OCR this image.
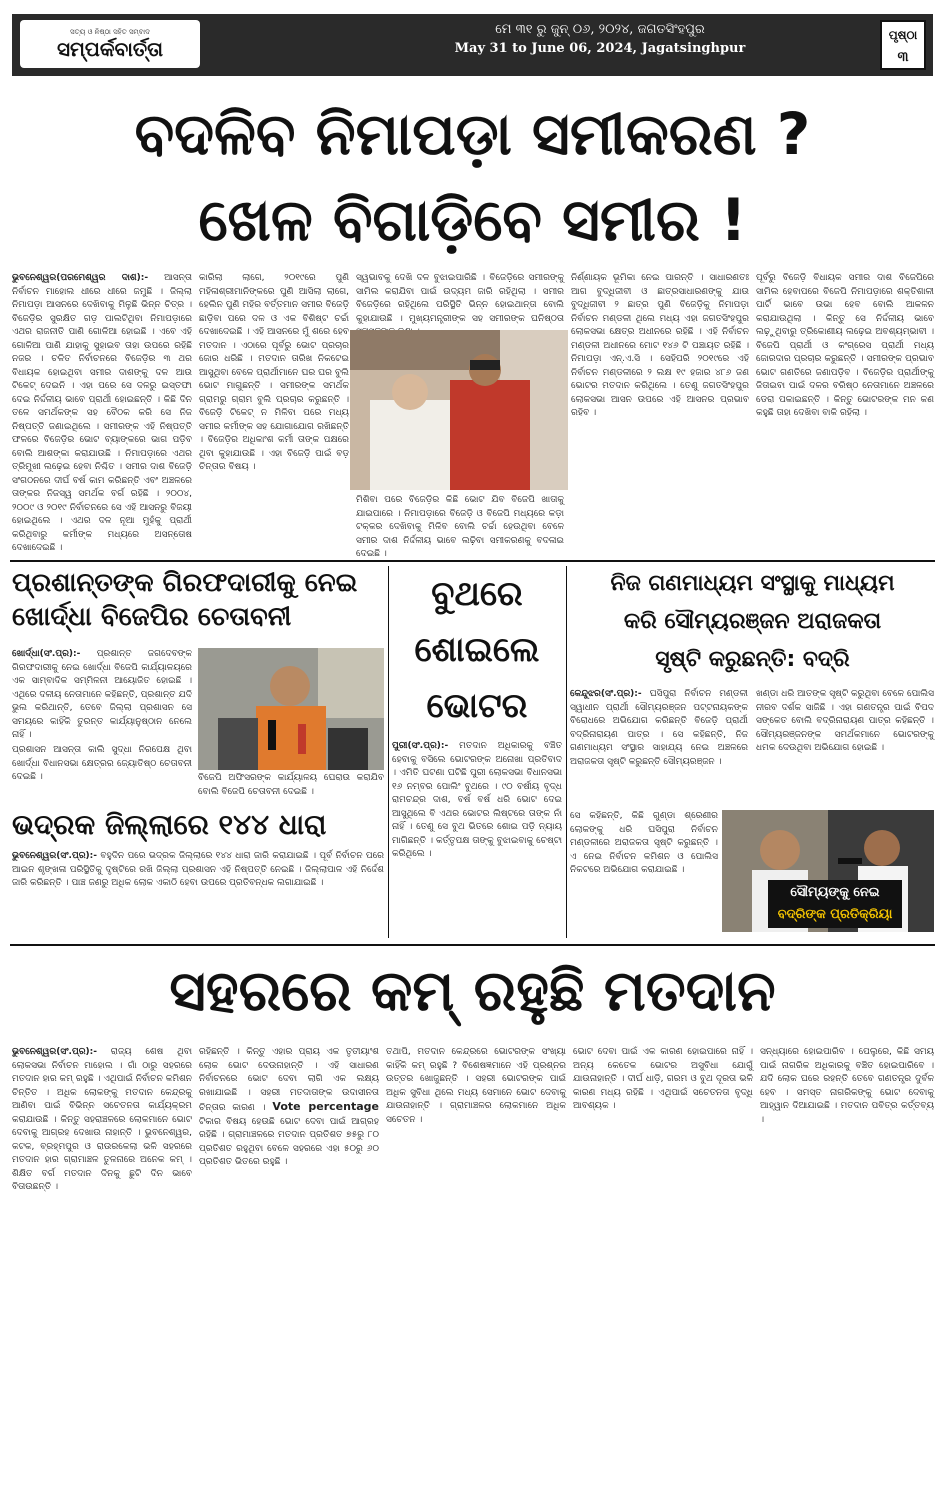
ସତ୍ୟ ଓ ନିଷ୍ଠା ସହିତ ସମ୍ବାଦ
ସମ୍ପର୍କବାର୍ତ୍ତା
ମେ ୩୧ ରୁ ଜୁନ୍ ୦୬, ୨୦୨୪, ଜଗତସିଂହପୁର
May 31 to June 06, 2024, Jagatsinghpur
ପୃଷ୍ଠା
୩
ବଦଳିବ ନିମାପଡ଼ା ସମୀକରଣ ?
ଖେଳ ବିଗାଡ଼ିବେ ସମୀର !
ଭୁବନେଶ୍ୱର(ପରମେଶ୍ୱର ଦାଶ):- ଆସନ୍ତା ନିର୍ବାଚନ ମାହୋଲ ଧୀରେ ଧୀରେ ଜମୁଛି । ଜିଲ୍ଲା ନିମାପଡ଼ା ଆସନରେ ଦେଖିବାକୁ ମିଳୁଛି ଭିନ୍ନ ଚିତ୍ର । ବିଜେଡ଼ିର ସୁରକ୍ଷିତ ଗଡ଼ ପାଲଟିଥିବା ନିମାପଡ଼ାରେ ଏଥର ରାଜନୀତି ପାଣି ଗୋଳିଆ ହୋଇଛି । ଏବେ ଏହି ଗୋଳିଆ ପାଣି ଯାହାକୁ ସୁହାଇବ ତାହା ଉପରେ ରହିଛି ନଜର । ଚଳିତ ନିର୍ବାଚନରେ ବିଜେଡ଼ିର ୩ ଥର ବିଧାୟକ ହୋଇଥିବା ସମୀର ଦାଶଙ୍କୁ ଦଳ ଆଉ ଟିକେଟ୍ ଦେଇନି । ଏହା ପରେ ସେ ଦଳରୁ ଇସ୍ତଫା ଦେଇ ନିର୍ଦ୍ଦଳୀୟ ଭାବେ ପ୍ରାର୍ଥୀ ହୋଇଛନ୍ତି । କିଛି ଦିନ ତଳେ ସମର୍ଥକଙ୍କ ସହ ବୈଠକ କରି ସେ ନିଜ ନିଷ୍ପତ୍ତି ଜଣାଇଥିଲେ । ସମୀରଙ୍କ ଏହି ନିଷ୍ପତ୍ତି ଫଳରେ ବିଜେଡ଼ିର ଭୋଟ ବ୍ୟାଙ୍କରେ ଭାଗ ପଡ଼ିବ ବୋଲି ଆଶଙ୍କା କରାଯାଉଛି । ନିମାପଡ଼ାରେ ଏଥର ତ୍ରିମୁଖୀ ଲଢ଼େଇ ହେବା ନିଶ୍ଚିତ । ସମୀର ଦାଶ ବିଜେଡ଼ି ସଂଗଠନରେ ଦୀର୍ଘ ବର୍ଷ କାମ କରିଛନ୍ତି ଏବଂ ଅଞ୍ଚଳରେ ତାଙ୍କର ନିଜସ୍ୱ ସମର୍ଥକ ବର୍ଗ ରହିଛି । ୨୦୦୪, ୨୦୦୯ ଓ ୨୦୧୯ ନିର୍ବାଚନରେ ସେ ଏହି ଆସନରୁ ବିଜୟୀ ହୋଇଥିଲେ । ଏଥର ଦଳ ନୂଆ ମୁହଁକୁ ପ୍ରାର୍ଥୀ କରିଥିବାରୁ କର୍ମୀଙ୍କ ମଧ୍ୟରେ ଅସନ୍ତୋଷ ଦେଖାଦେଇଛି ।
କାରିଲା ଲାଗେ, ୨୦୧୯ରେ ପୁଣି ମହିଳାଶ୍ରୀମାନିଙ୍କରେ ପୁଣି ଆସିଲା ଲାଗେ, ହେଲିନ ପୁଣି ମହିର ବର୍ତ୍ତମାନ ସମୀର ବିଜେଡ଼ି ଛାଡ଼ିବା ପରେ ଦଳ ଓ ଏକ ବିଶିଷ୍ଟ ଚର୍ଚ୍ଚା ଦେଖାଦେଇଛି । ଏହି ଆସନରେ ମୁଁ ଶରେ ହେବ ମତଦାନ । ଏଠାରେ ପୂର୍ବରୁ ଭୋଟ ପ୍ରଚାର ଜୋର ଧରିଛି । ମତଦାନ ତାରିଖ ନିକଟେଇ ଆସୁଥିବା ବେଳେ ପ୍ରାର୍ଥୀମାନେ ଘର ଘର ବୁଲି ଭୋଟ ମାଗୁଛନ୍ତି । ସମୀରଙ୍କ ସମର୍ଥକ ଗ୍ରାମରୁ ଗ୍ରାମ ବୁଲି ପ୍ରଚାର କରୁଛନ୍ତି । ବିଜେଡ଼ି ଟିକେଟ୍ ନ ମିଳିବା ପରେ ମଧ୍ୟ ସମୀର କର୍ମୀଙ୍କ ସହ ଯୋଗାଯୋଗ ରଖିଛନ୍ତି । ବିଜେଡ଼ିର ଅଧିକାଂଶ କର୍ମୀ ତାଙ୍କ ପକ୍ଷରେ ଥିବା କୁହାଯାଉଛି । ଏହା ବିଜେଡ଼ି ପାଇଁ ବଡ଼ ଚିନ୍ତାର ବିଷୟ ।
ସ୍ୱଭାବକୁ ଦେଖି ଦଳ ବୁଝାଇପାରିଛି । ବିଜେଡ଼ିରେ ସମୀରଙ୍କୁ ସାମିଲ କରାଯିବା ପାଇଁ ଉଦ୍ୟମ ଜାରି ରହିଥିଲା । ସମୀର ବିଜେଡ଼ିରେ ରହିଥିଲେ ପରିସ୍ଥିତି ଭିନ୍ନ ହୋଇଥାନ୍ତା ବୋଲି କୁହାଯାଉଛି । ମୁଖ୍ୟମନ୍ତ୍ରୀଙ୍କ ସହ ସମୀରଙ୍କ ଘନିଷ୍ଠତା
ମିଶିବା ପରେ ବିଜେଡ଼ିର କିଛି ଭୋଟ ଯିବ ବିଜେପି ଖାତାକୁ ଯାଇପାରେ । ନିମାପଡ଼ାରେ ବିଜେଡ଼ି ଓ ବିଜେପି ମଧ୍ୟରେ କଡ଼ା ଟକ୍କର ଦେଖିବାକୁ ମିଳିବ ବୋଲି ଚର୍ଚ୍ଚା ହେଉଥିବା ବେଳେ ସମୀର ଦାଶ ନିର୍ଦ୍ଦଳୀୟ ଭାବେ ଲଢ଼ିବା ସମୀକରଣକୁ ବଦଳାଇ ଦେଇଛି ।
ନିର୍ଣ୍ଣାୟକ ଭୂମିକା ନେଇ ପାରନ୍ତି । ସାଧାରଣତଃ ଆଗ ବୁଦ୍ଧିଜୀବୀ ଓ ଛାତ୍ରସାଧାରଣଙ୍କୁ ଯାଉ ବୁଦ୍ଧିଜୀବୀ ୨ ଛାତ୍ର ପୁଣି ବିଜେଡ଼ିକୁ ନିମାପଡ଼ା ନିର୍ବାଚନ ମଣ୍ଡଳୀ ଥିଲେ ମଧ୍ୟ ଏହା ଜଗତସିଂହପୁର ଲୋକସଭା କ୍ଷେତ୍ର ଅଧୀନରେ ରହିଛି । ଏହି ନିର୍ବାଚନ ମଣ୍ଡଳୀ ଅଧୀନରେ ମୋଟ ୧୪୬ ଟି ପଞ୍ଚାୟତ ରହିଛି । ନିମାପଡ଼ା ଏନ୍.ଏ.ସି । ସେହିପରି ୨୦୧୯ରେ ଏହି ନିର୍ବାଚନ ମଣ୍ଡଳୀରେ ୨ ଲକ୍ଷ ୧୯ ହଜାର ୪୮୬ ଜଣ ଭୋଟର ମତଦାନ କରିଥିଲେ । ତେଣୁ ଜଗତସିଂହପୁର ଲୋକସଭା ଆସନ ଉପରେ ଏହି ଆସନର ପ୍ରଭାବ ରହିବ ।
ପୂର୍ବରୁ ବିଜେଡ଼ି ବିଧାୟକ ସମୀର ଦାଶ ବିଜେପିରେ ସାମିଲ ହେବାପରେ ବିଜେପି ନିମାପଡ଼ାରେ ଶକ୍ତିଶାଳୀ ପାର୍ଟି ଭାବେ ଉଭା ହେବ ବୋଲି ଆକଳନ କରାଯାଉଥିଲା । କିନ୍ତୁ ସେ ନିର୍ଦ୍ଦଳୀୟ ଭାବେ ଲଢ଼ୁଥିବାରୁ ତ୍ରିକୋଣୀୟ ଲଢ଼େଇ ଅବଶ୍ୟମ୍ଭାବୀ । ବିଜେପି ପ୍ରାର୍ଥୀ ଓ କଂଗ୍ରେସ ପ୍ରାର୍ଥୀ ମଧ୍ୟ ଜୋରଦାର ପ୍ରଚାର କରୁଛନ୍ତି । ସମୀରଙ୍କ ପ୍ରଭାବ ଭୋଟ ଗଣତିରେ ଜଣାପଡ଼ିବ । ବିଜେଡ଼ିର ପ୍ରାର୍ଥୀଙ୍କୁ ଜିତାଇବା ପାଇଁ ଦଳର ବରିଷ୍ଠ ନେତାମାନେ ଅଞ୍ଚଳରେ ଡେରା ପକାଇଛନ୍ତି । କିନ୍ତୁ ଭୋଟରଙ୍କ ମନ କଣ କହୁଛି ତାହା ଦେଖିବା ବାକି ରହିଲା ।
ପ୍ରଶାନ୍ତଙ୍କ ଗିରଫଦାରୀକୁ ନେଇ ଖୋର୍ଦ୍ଧା ବିଜେପିର ଚେତାବନୀ
ଖୋର୍ଦ୍ଧା(ସଂ.ପ୍ର):- ପ୍ରଶାନ୍ତ ଜଗଦେବଙ୍କ ଗିରଫଦାରୀକୁ ନେଇ ଖୋର୍ଦ୍ଧା ବିଜେପି କାର୍ଯ୍ୟାଳୟରେ ଏକ ସାମ୍ବାଦିକ ସମ୍ମିଳନୀ ଆୟୋଜିତ ହୋଇଛି । ଏଥିରେ ଦଳୀୟ ନେତାମାନେ କହିଛନ୍ତି, ପ୍ରଶାନ୍ତ ଯଦି ଭୁଲ କରିଥାନ୍ତି, ତେବେ ଜିଲ୍ଲା ପ୍ରଶାସନ ସେ ସମୟରେ କାହିଁକି ତୁରନ୍ତ କାର୍ଯ୍ୟାନୁଷ୍ଠାନ ନେଲେ ନାହିଁ ।
ପ୍ରଶାସନ ଆସନ୍ତା କାଲି ସୁଦ୍ଧା ନିରପେକ୍ଷ ଥିବା ଖୋର୍ଦ୍ଧା ବିଧାନସଭା କ୍ଷେତ୍ରର ଜ୍ୟୋତିଷ୍ଠ ଚେତାବନୀ ଦେଇଛି ।	ବିଜେପି ଅଫିସରଙ୍କ କାର୍ଯ୍ୟାଳୟ ଘେରାଉ କରାଯିବ ବୋଲି ବିଜେପି ଚେତାବନୀ ଦେଇଛି ।
ଭଦ୍ରକ ଜିଲ୍ଲାରେ ୧୪୪ ଧାରା
ଭୁବନେଶ୍ୱର(ସଂ.ପ୍ର):- ବହୁଦିନ ପରେ ଭଦ୍ରକ ଜିଲ୍ଲାରେ ୧୪୪ ଧାରା ଜାରି କରାଯାଇଛି । ପୂର୍ବ ନିର୍ବାଚନ ପରେ ଆଇନ ଶୃଙ୍ଖଳା ପରିସ୍ଥିତିକୁ ଦୃଷ୍ଟିରେ ରଖି ଜିଲ୍ଲା ପ୍ରଶାସନ ଏହି ନିଷ୍ପତ୍ତି ନେଇଛି । ଜିଲ୍ଲାପାଳ ଏହି ନିର୍ଦ୍ଦେଶ ଜାରି କରିଛନ୍ତି । ପାଞ୍ଚ ଜଣରୁ ଅଧିକ ଲୋକ ଏକାଠି ହେବା ଉପରେ ପ୍ରତିବନ୍ଧକ ଲଗାଯାଇଛି ।
ବୁଥରେ ଶୋଇଲେ ଭୋଟର
ପୁରୀ(ସଂ.ପ୍ର):- ମତଦାନ ଅଧିକାରକୁ ବଞ୍ଚିତ ହେବାକୁ ବସିଲେ ଭୋଟରଙ୍କ ଅନୋଖା ପ୍ରତିବାଦ । ଏମିତି ଘଟଣା ଘଟିଛି ପୁରୀ ଲୋକସଭା ବିଧାନସଭା ୧୬ ନମ୍ବର ପୋଲିଂ ବୁଥରେ । ୯୦ ବର୍ଷୀୟ ବୃଦ୍ଧ ରାମଚନ୍ଦ୍ର ଦାଶ, ବର୍ଷ ବର୍ଷ ଧରି ଭୋଟ ଦେଇ ଆସୁଥିଲେ ବି ଏଥର ଭୋଟର ଲିଷ୍ଟରେ ତାଙ୍କ ନାଁ ନାହିଁ । ତେଣୁ ସେ ବୁଥ ଭିତରେ ଶୋଇ ପଡ଼ି ନ୍ୟାୟ ମାଗିଛନ୍ତି । କର୍ତ୍ତୃପକ୍ଷ ତାଙ୍କୁ ବୁଝାଇବାକୁ ଚେଷ୍ଟା କରିଥିଲେ ।
ନିଜ ଗଣମାଧ୍ୟମ ସଂସ୍ଥାକୁ ମାଧ୍ୟମ
କରି ସୌମ୍ୟରଞ୍ଜନ ଅରାଜକତା
ସୃଷ୍ଟି କରୁଛନ୍ତି: ବଦ୍ରି
କେନ୍ଦୁଝର(ସଂ.ପ୍ର):- ଘସିପୁରା ନିର୍ବାଚନ ମଣ୍ଡଳୀ ସ୍ୱାଧୀନ ପ୍ରାର୍ଥୀ ସୌମ୍ୟରଞ୍ଜନ ପଟ୍ଟନାୟକଙ୍କ ବିରୋଧରେ ଅଭିଯୋଗ କରିଛନ୍ତି ବିଜେଡ଼ି ପ୍ରାର୍ଥୀ ବଦ୍ରିନାରାୟଣ ପାତ୍ର । ସେ କହିଛନ୍ତି, ନିଜ ଗଣମାଧ୍ୟମ ସଂସ୍ଥାର ସାହାଯ୍ୟ ନେଇ ଅଞ୍ଚଳରେ ଅରାଜକତା ସୃଷ୍ଟି କରୁଛନ୍ତି ସୌମ୍ୟରଞ୍ଜନ ।
ଖଣ୍ଡା ଧରି ଆତଙ୍କ ସୃଷ୍ଟି କରୁଥିବା ବେଳେ ପୋଲିସ ନୀରବ ଦର୍ଶକ ସାଜିଛି । ଏହା ଗଣତନ୍ତ୍ର ପାଇଁ ବିପଦ ସଙ୍କେତ ବୋଲି ବଦ୍ରିନାରାୟଣ ପାତ୍ର କହିଛନ୍ତି । ସୌମ୍ୟରଞ୍ଜନଙ୍କ ସମର୍ଥକମାନେ ଭୋଟରଙ୍କୁ ଧମକ ଦେଉଥିବା ଅଭିଯୋଗ ହୋଇଛି ।
ସେ କହିଛନ୍ତି, କିଛି ଗୁଣ୍ଡା ଶ୍ରେଣୀର ଲୋକଙ୍କୁ ଧରି ଘସିପୁରା ନିର୍ବାଚନ ମଣ୍ଡଳୀରେ ଅରାଜକତା ସୃଷ୍ଟି କରୁଛନ୍ତି । ଏ ନେଇ ନିର୍ବାଚନ କମିଶନ ଓ ପୋଲିସ ନିକଟରେ ଅଭିଯୋଗ କରାଯାଇଛି ।
ସୌମ୍ୟଙ୍କୁ ନେଇ
ବଦ୍ରିଙ୍କ ପ୍ରତିକ୍ରିୟା
ସହରରେ କମ୍ ରହୁଛି ମତଦାନ
ଭୁବନେଶ୍ୱର(ସଂ.ପ୍ର):- ରାଜ୍ୟ ଶେଷ ଥିବା ଲୋକସଭା ନିର୍ବାଚନ ମାହୋଲ । ଗାଁ ଠାରୁ ସହରରେ ମତଦାନ ହାର କମ୍ ରହୁଛି । ଏଥିପାଇଁ ନିର୍ବାଚନ କମିଶନ ଚିନ୍ତିତ । ଅଧିକ ଲୋକଙ୍କୁ ମତଦାନ କେନ୍ଦ୍ରକୁ ଆଣିବା ପାଇଁ ବିଭିନ୍ନ ସଚେତନତା କାର୍ଯ୍ୟକ୍ରମ କରାଯାଉଛି । କିନ୍ତୁ ସହରାଞ୍ଚଳରେ ଲୋକମାନେ ଭୋଟ ଦେବାକୁ ଆଗ୍ରହ ଦେଖାଉ ନାହାନ୍ତି । ଭୁବନେଶ୍ୱର, କଟକ, ବ୍ରହ୍ମପୁର ଓ ରାଉରକେଲା ଭଳି ସହରରେ ମତଦାନ ହାର ଗ୍ରାମାଞ୍ଚଳ ତୁଳନାରେ ଅନେକ କମ୍ । ଶିକ୍ଷିତ ବର୍ଗ ମତଦାନ ଦିନକୁ ଛୁଟି ଦିନ ଭାବେ ବିତାଉଛନ୍ତି ।
ରହିଛନ୍ତି । କିନ୍ତୁ ଏହାର ପ୍ରାୟ ଏକ ତୃତୀୟାଂଶ ଲୋକ ଭୋଟ ଦେଉନାହାନ୍ତି । ଏହି ସାଧାରଣ ନିର୍ବାଚନରେ ଭୋଟ ଦେବା ଲାଗି ଏକ ଲକ୍ଷ୍ୟ ରଖାଯାଇଛି । ସହରୀ ମତଦାତାଙ୍କ ଉଦାସୀନତା ଚିନ୍ତାର କାରଣ । Vote percentage ଟିକାର ବିଷୟ ହେଉଛି ଭୋଟ ଦେବା ପାଇଁ ଆଗ୍ରହ ରହିଛି । ଗ୍ରାମାଞ୍ଚଳରେ ମତଦାନ ପ୍ରତିଶତ ୭୫ରୁ ୮୦ ପ୍ରତିଶତ ରହୁଥିବା ବେଳେ ସହରରେ ଏହା ୫୦ରୁ ୬୦ ପ୍ରତିଶତ ଭିତରେ ରହୁଛି ।
ତଥାପି, ମତଦାନ କେନ୍ଦ୍ରରେ ଭୋଟରଙ୍କ ସଂଖ୍ୟା କାହିଁକି କମ୍ ରହୁଛି ? ବିଶେଷଜ୍ଞମାନେ ଏହି ପ୍ରଶ୍ନର ଉତ୍ତର ଖୋଜୁଛନ୍ତି । ସହରୀ ଭୋଟରଙ୍କ ପାଇଁ ଅଧିକ ସୁବିଧା ଥିଲେ ମଧ୍ୟ ସେମାନେ ଭୋଟ ଦେବାକୁ ଯାଉନାହାନ୍ତି । ଗ୍ରାମାଞ୍ଚଳର ଲୋକମାନେ ଅଧିକ ସଚେତନ ।
ଭୋଟ ଦେବା ପାଇଁ ଏକ କାରଣ ହୋଇପାରେ ନାହିଁ । ଅନ୍ୟ କେତେକ ଭୋଟର ଅସୁବିଧା ଯୋଗୁଁ ଯାଉନାହାନ୍ତି । ଦୀର୍ଘ ଧାଡ଼ି, ଗରମ ଓ ବୁଥ ଦୂରତା ଭଳି କାରଣ ମଧ୍ୟ ରହିଛି । ଏଥିପାଇଁ ସଚେତନତା ବୃଦ୍ଧି ଆବଶ୍ୟକ ।
ସନ୍ଧ୍ୟାରେ ହୋଇପାରିବ । ପେଲୁରେ, କିଛି ସମୟ ପାଇଁ ନାଗରିକ ଅଧିକାରକୁ ବଞ୍ଚିତ ହୋଇପାରିବେ । ଯଦି ଲୋକ ଘରେ ରହନ୍ତି ତେବେ ଗଣତନ୍ତ୍ର ଦୁର୍ବଳ ହେବ । ସମସ୍ତ ନାଗରିକଙ୍କୁ ଭୋଟ ଦେବାକୁ ଆହ୍ୱାନ ଦିଆଯାଇଛି । ମତଦାନ ପବିତ୍ର କର୍ତ୍ତବ୍ୟ ।
